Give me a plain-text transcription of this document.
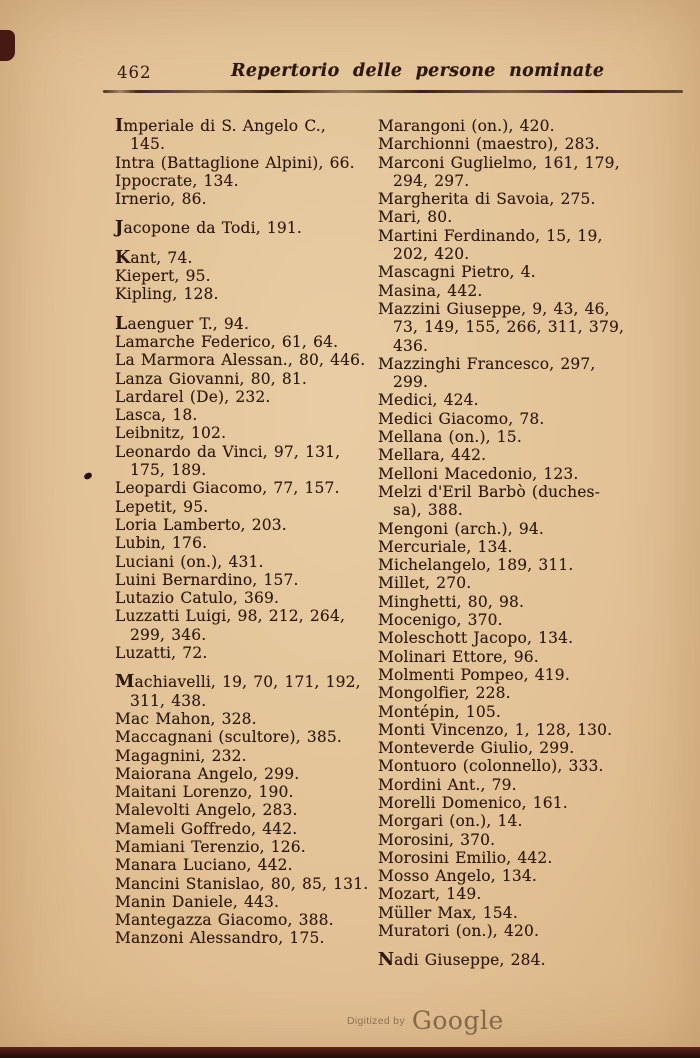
462	Repertorio delle persone nominate
Imperiale di S. Angelo C.,
145.
Intra (Battaglione Alpini), 66.
Ippocrate, 134.
Irnerio, 86.
Jacopone da Todi, 191.
Kant, 74.
Kiepert, 95.
Kipling, 128.
Laenguer T., 94.
Lamarche Federico, 61, 64.
La Marmora Alessan., 80, 446.
Lanza Giovanni, 80, 81.
Lardarel (De), 232.
Lasca, 18.
Leibnitz, 102.
Leonardo da Vinci, 97, 131,
175, 189.
Leopardi Giacomo, 77, 157.
Lepetit, 95.
Loria Lamberto, 203.
Lubin, 176.
Luciani (on.), 431.
Luini Bernardino, 157.
Lutazio Catulo, 369.
Luzzatti Luigi, 98, 212, 264,
299, 346.
Luzatti, 72.
Machiavelli, 19, 70, 171, 192,
311, 438.
Mac Mahon, 328.
Maccagnani (scultore), 385.
Magagnini, 232.
Maiorana Angelo, 299.
Maitani Lorenzo, 190.
Malevolti Angelo, 283.
Mameli Goffredo, 442.
Mamiani Terenzio, 126.
Manara Luciano, 442.
Mancini Stanislao, 80, 85, 131.
Manin Daniele, 443.
Mantegazza Giacomo, 388.
Manzoni Alessandro, 175.
Marangoni (on.), 420.
Marchionni (maestro), 283.
Marconi Guglielmo, 161, 179,
294, 297.
Margherita di Savoia, 275.
Mari, 80.
Martini Ferdinando, 15, 19,
202, 420.
Mascagni Pietro, 4.
Masina, 442.
Mazzini Giuseppe, 9, 43, 46,
73, 149, 155, 266, 311, 379,
436.
Mazzinghi Francesco, 297,
299.
Medici, 424.
Medici Giacomo, 78.
Mellana (on.), 15.
Mellara, 442.
Melloni Macedonio, 123.
Melzi d'Eril Barbò (duches-
sa), 388.
Mengoni (arch.), 94.
Mercuriale, 134.
Michelangelo, 189, 311.
Millet, 270.
Minghetti, 80, 98.
Mocenigo, 370.
Moleschott Jacopo, 134.
Molinari Ettore, 96.
Molmenti Pompeo, 419.
Mongolfier, 228.
Montépin, 105.
Monti Vincenzo, 1, 128, 130.
Monteverde Giulio, 299.
Montuoro (colonnello), 333.
Mordini Ant., 79.
Morelli Domenico, 161.
Morgari (on.), 14.
Morosini, 370.
Morosini Emilio, 442.
Mosso Angelo, 134.
Mozart, 149.
Müller Max, 154.
Muratori (on.), 420.
Nadi Giuseppe, 284.
Digitized by Google
